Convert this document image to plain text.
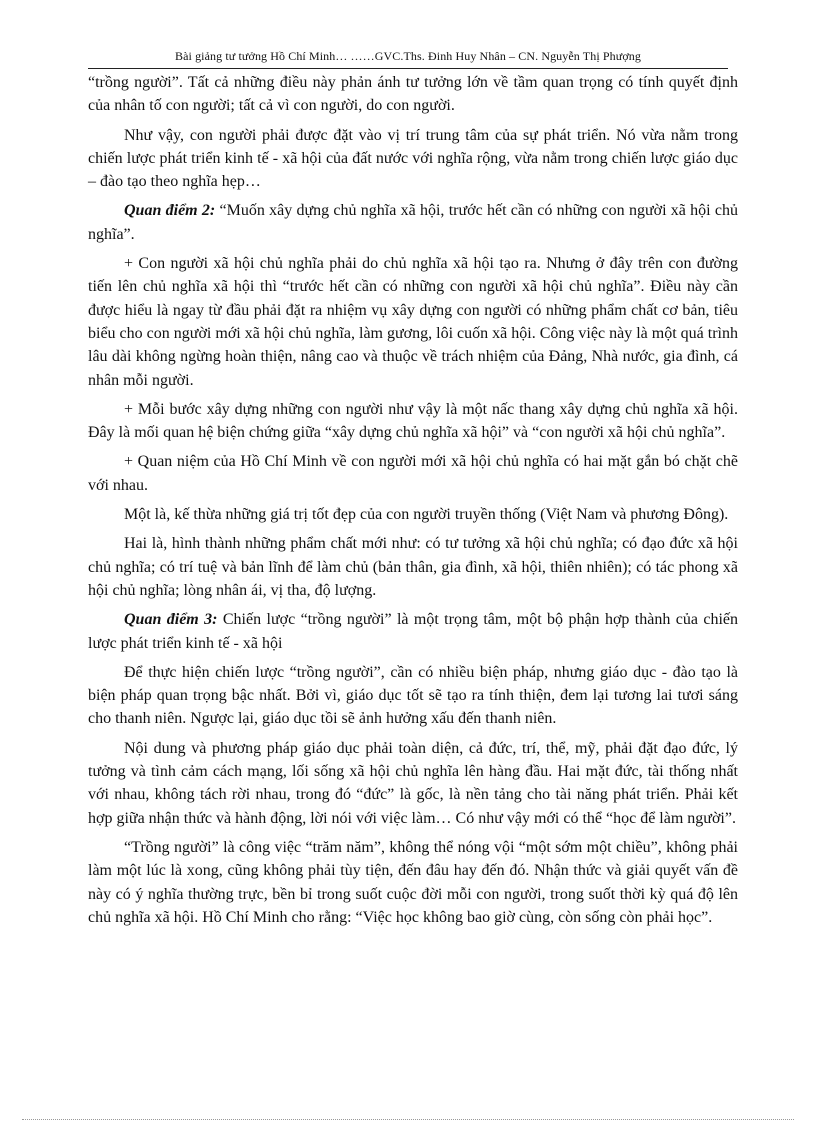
Bài giảng tư tưởng Hồ Chí Minh… ……GVC.Ths. Đinh Huy Nhân – CN. Nguyễn Thị Phượng

“trồng người”. Tất cả những điều này phản ánh tư tưởng lớn về tầm quan trọng có tính quyết định của nhân tố con người; tất cả vì con người, do con người.

Như vậy, con người phải được đặt vào vị trí trung tâm của sự phát triển. Nó vừa nằm trong chiến lược phát triển kinh tế - xã hội của đất nước với nghĩa rộng, vừa nằm trong chiến lược giáo dục – đào tạo theo nghĩa hẹp…

Quan điểm 2: “Muốn xây dựng chủ nghĩa xã hội, trước hết cần có những con người xã hội chủ nghĩa”.

+ Con người xã hội chủ nghĩa phải do chủ nghĩa xã hội tạo ra. Nhưng ở đây trên con đường tiến lên chủ nghĩa xã hội thì “trước hết cần có những con người xã hội chủ nghĩa”. Điều này cần được hiểu là ngay từ đầu phải đặt ra nhiệm vụ xây dựng con người có những phẩm chất cơ bản, tiêu biểu cho con người mới xã hội chủ nghĩa, làm gương, lôi cuốn xã hội. Công việc này là một quá trình lâu dài không ngừng hoàn thiện, nâng cao và thuộc về trách nhiệm của Đảng, Nhà nước, gia đình, cá nhân mỗi người.

+ Mỗi bước xây dựng những con người như vậy là một nấc thang xây dựng chủ nghĩa xã hội. Đây là mối quan hệ biện chứng giữa “xây dựng chủ nghĩa xã hội” và “con người xã hội chủ nghĩa”.

+ Quan niệm của Hồ Chí Minh về con người mới xã hội chủ nghĩa có hai mặt gắn bó chặt chẽ với nhau.

Một là, kế thừa những giá trị tốt đẹp của con người truyền thống (Việt Nam và phương Đông).

Hai là, hình thành những phẩm chất mới như: có tư tưởng xã hội chủ nghĩa; có đạo đức xã hội chủ nghĩa; có trí tuệ và bản lĩnh để làm chủ (bản thân, gia đình, xã hội, thiên nhiên); có tác phong xã hội chủ nghĩa; lòng nhân ái, vị tha, độ lượng.

Quan điểm 3: Chiến lược “trồng người” là một trọng tâm, một bộ phận hợp thành của chiến lược phát triển kinh tế - xã hội

Để thực hiện chiến lược “trồng người”, cần có nhiều biện pháp, nhưng giáo dục - đào tạo là biện pháp quan trọng bậc nhất. Bởi vì, giáo dục tốt sẽ tạo ra tính thiện, đem lại tương lai tươi sáng cho thanh niên. Ngược lại, giáo dục tồi sẽ ảnh hưởng xấu đến thanh niên.

Nội dung và phương pháp giáo dục phải toàn diện, cả đức, trí, thể, mỹ, phải đặt đạo đức, lý tưởng và tình cảm cách mạng, lối sống xã hội chủ nghĩa lên hàng đầu. Hai mặt đức, tài thống nhất với nhau, không tách rời nhau, trong đó “đức” là gốc, là nền tảng cho tài năng phát triển. Phải kết hợp giữa nhận thức và hành động, lời nói với việc làm… Có như vậy mới có thể “học để làm người”.

“Trồng người” là công việc “trăm năm”, không thể nóng vội “một sớm một chiều”, không phải làm một lúc là xong, cũng không phải tùy tiện, đến đâu hay đến đó. Nhận thức và giải quyết vấn đề này có ý nghĩa thường trực, bền bỉ trong suốt cuộc đời mỗi con người, trong suốt thời kỳ quá độ lên chủ nghĩa xã hội. Hồ Chí Minh cho rằng: “Việc học không bao giờ cùng, còn sống còn phải học”.
